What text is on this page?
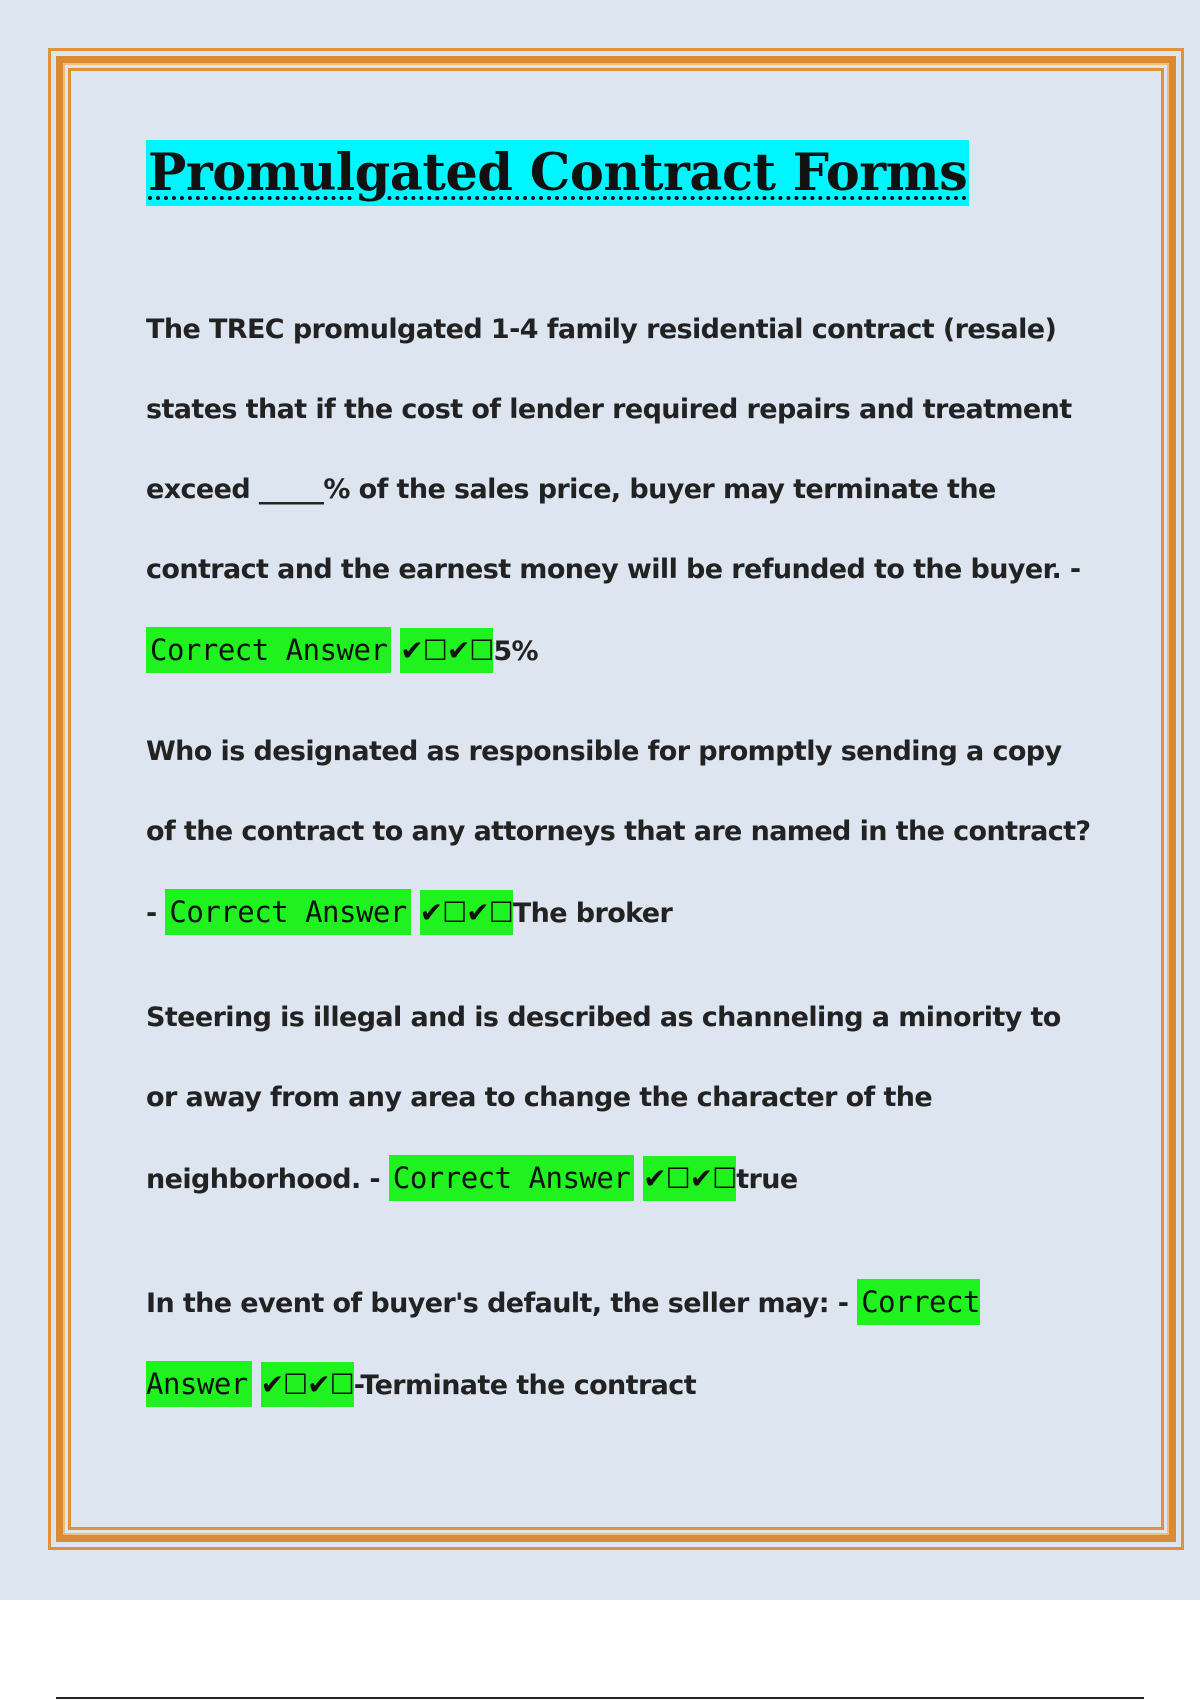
Promulgated Contract Forms
The TREC promulgated 1-4 family residential contract (resale) states that if the cost of lender required repairs and treatment exceed _____% of the sales price, buyer may terminate the contract and the earnest money will be refunded to the buyer. - Correct Answer ✔☐✔☐5%
Who is designated as responsible for promptly sending a copy of the contract to any attorneys that are named in the contract? - Correct Answer ✔☐✔☐The broker
Steering is illegal and is described as channeling a minority to or away from any area to change the character of the neighborhood. - Correct Answer ✔☐✔☐true
In the event of buyer's default, the seller may: - Correct Answer ✔☐✔☐-Terminate the contract
